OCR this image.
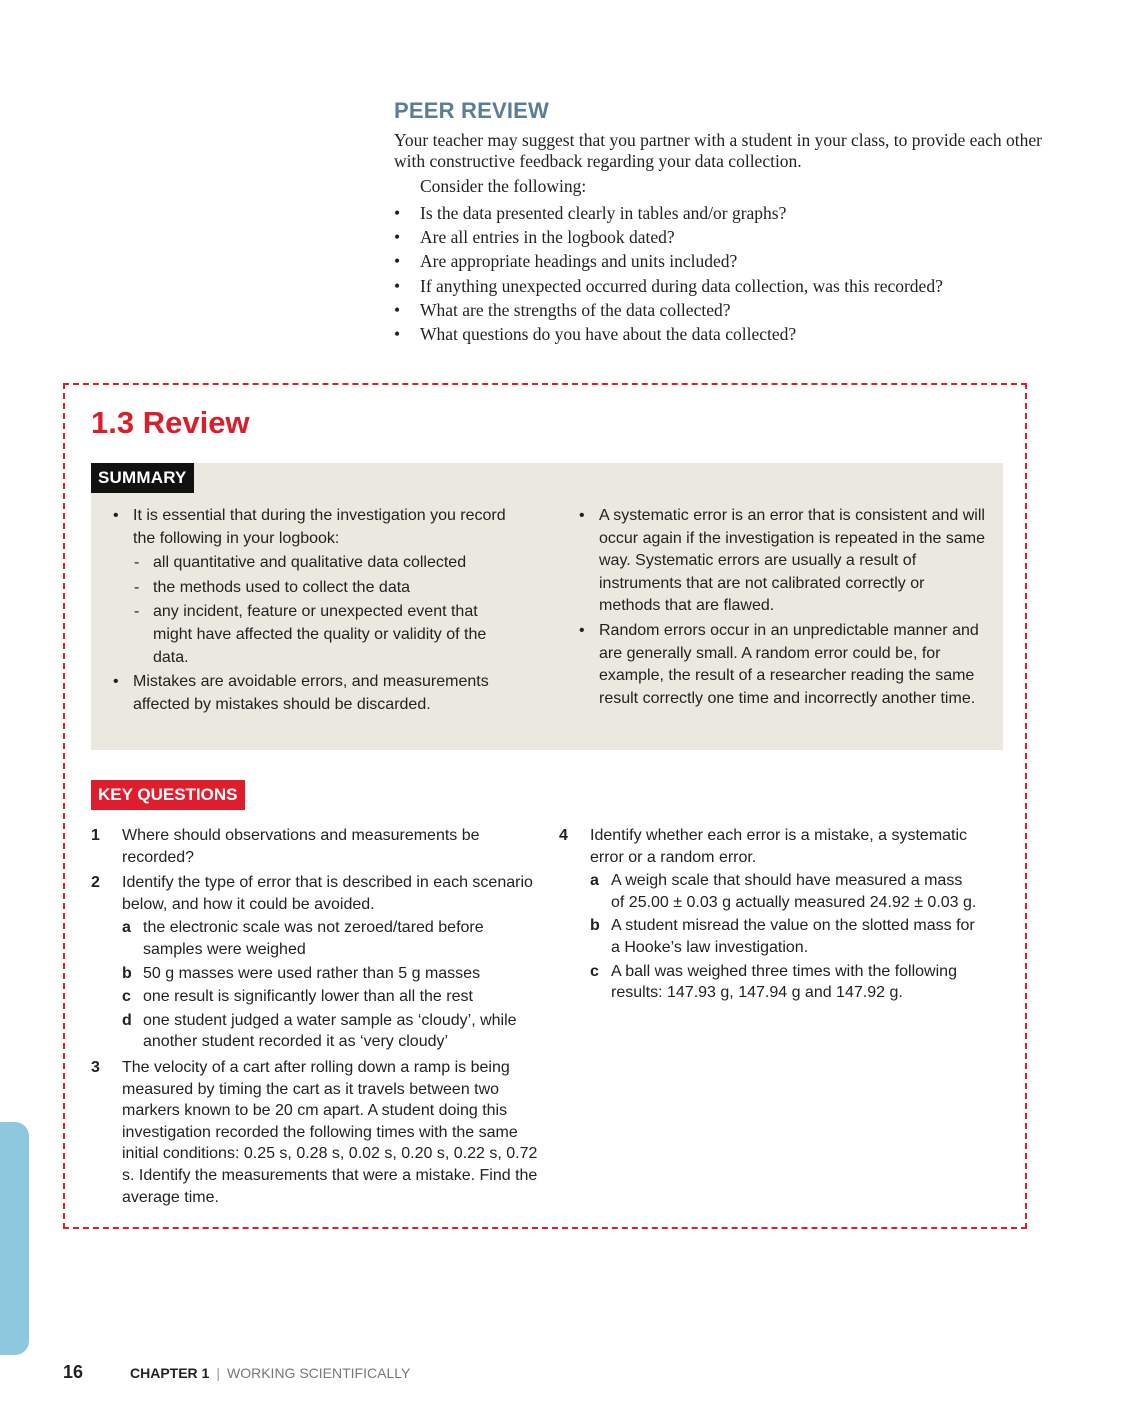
PEER REVIEW

Your teacher may suggest that you partner with a student in your class, to provide each other with constructive feedback regarding your data collection.

Consider the following:

• Is the data presented clearly in tables and/or graphs?
• Are all entries in the logbook dated?
• Are appropriate headings and units included?
• If anything unexpected occurred during data collection, was this recorded?
• What are the strengths of the data collected?
• What questions do you have about the data collected?
1.3 Review
• It is essential that during the investigation you record the following in your logbook:
- all quantitative and qualitative data collected
- the methods used to collect the data
- any incident, feature or unexpected event that might have affected the quality or validity of the data.
• Mistakes are avoidable errors, and measurements affected by mistakes should be discarded.
• A systematic error is an error that is consistent and will occur again if the investigation is repeated in the same way. Systematic errors are usually a result of instruments that are not calibrated correctly or methods that are flawed.
• Random errors occur in an unpredictable manner and are generally small. A random error could be, for example, the result of a researcher reading the same result correctly one time and incorrectly another time.
SUMMARY
KEY QUESTIONS
1 Where should observations and measurements be recorded?
2 Identify the type of error that is described in each scenario below, and how it could be avoided.
a the electronic scale was not zeroed/tared before samples were weighed
b 50 g masses were used rather than 5 g masses
c one result is significantly lower than all the rest
d one student judged a water sample as ‘cloudy’, while another student recorded it as ‘very cloudy’
3 The velocity of a cart after rolling down a ramp is being measured by timing the cart as it travels between two markers known to be 20 cm apart. A student doing this investigation recorded the following times with the same initial conditions: 0.25 s, 0.28 s, 0.02 s, 0.20 s, 0.22 s, 0.72 s. Identify the measurements that were a mistake. Find the average time.
4 Identify whether each error is a mistake, a systematic error or a random error.
a A weigh scale that should have measured a mass of 25.00 ± 0.03 g actually measured 24.92 ± 0.03 g.
b A student misread the value on the slotted mass for a Hooke’s law investigation.
c A ball was weighed three times with the following results: 147.93 g, 147.94 g and 147.92 g.
16	CHAPTER 1 | WORKING SCIENTIFICALLY
